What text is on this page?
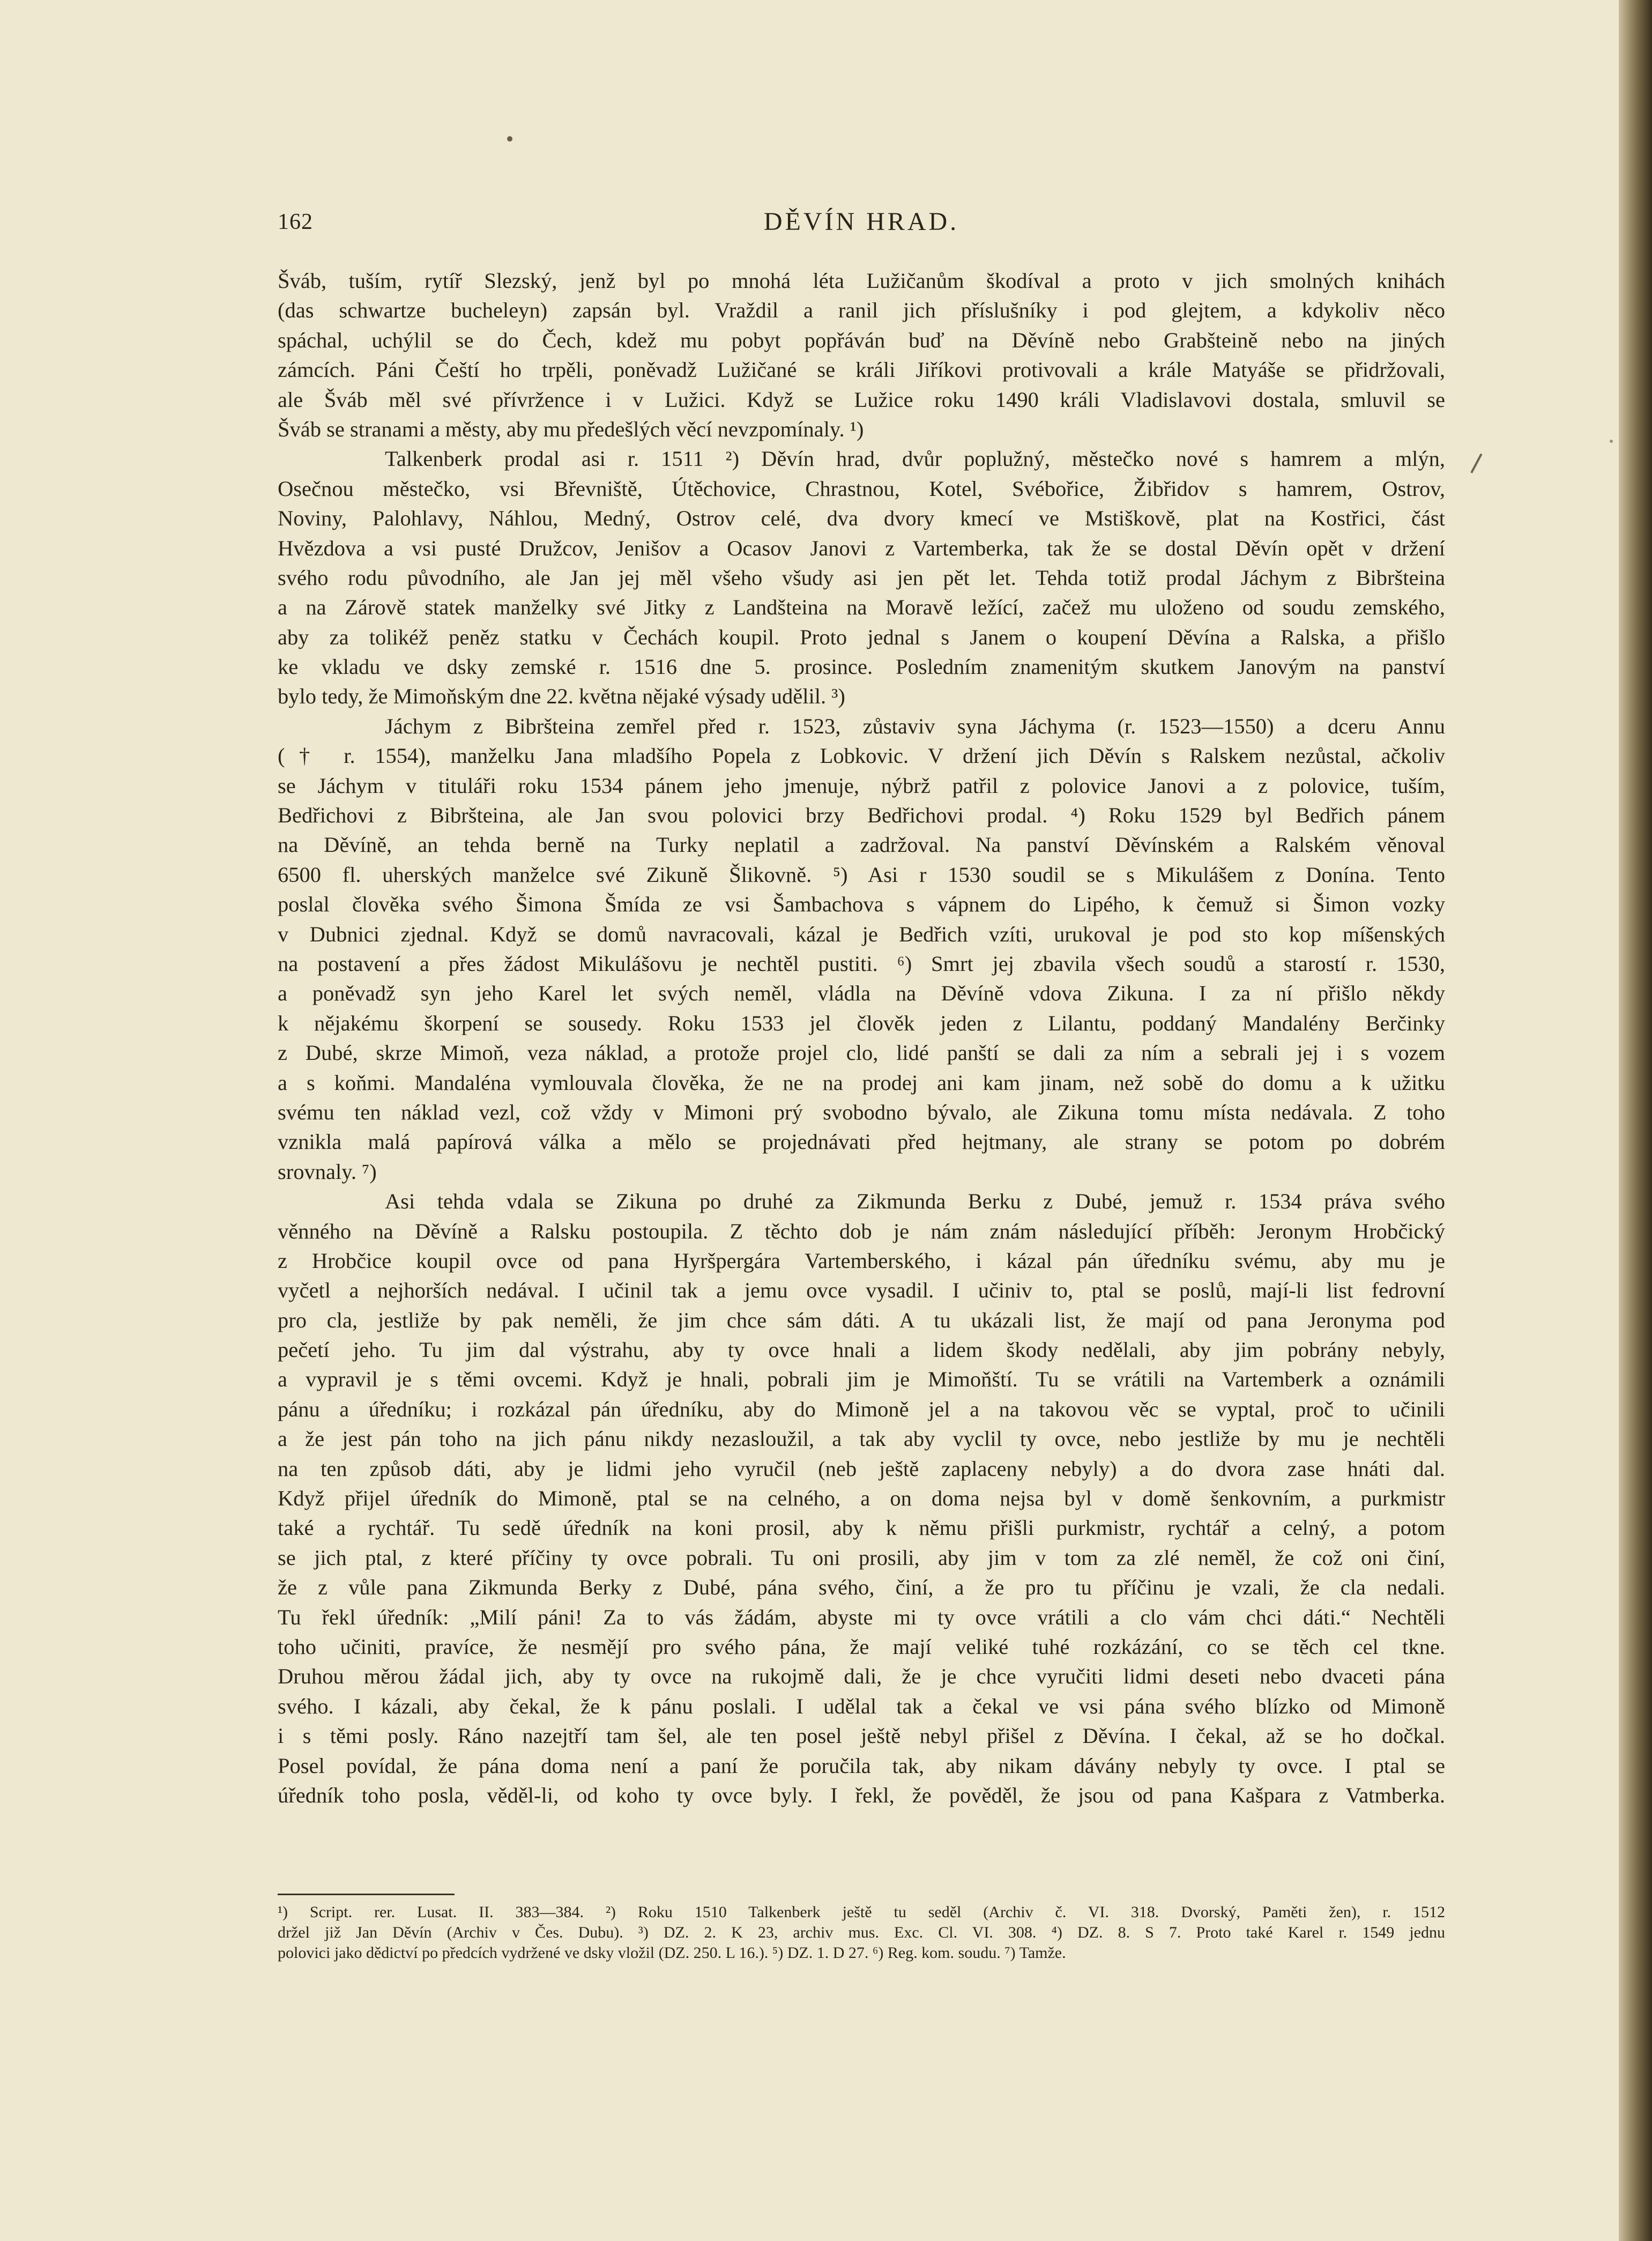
162	DĚVÍN HRAD.
Šváb, tuším, rytíř Slezský, jenž byl po mnohá léta Lužičanům škodíval a proto v jich smolných knihách
(das schwartze bucheleyn) zapsán byl. Vraždil a ranil jich příslušníky i pod glejtem, a kdykoliv něco
spáchal, uchýlil se do Čech, kdež mu pobyt popřáván buď na Děvíně nebo Grabšteině nebo na jiných
zámcích. Páni Čeští ho trpěli, poněvadž Lužičané se králi Jiříkovi protivovali a krále Matyáše se přidržovali,
ale Šváb měl své přívržence i v Lužici. Když se Lužice roku 1490 králi Vladislavovi dostala, smluvil se
Šváb se stranami a městy, aby mu předešlých věcí nevzpomínaly. ¹)
Talkenberk prodal asi r. 1511 ²) Děvín hrad, dvůr poplužný, městečko nové s hamrem a mlýn,
Osečnou městečko, vsi Břevniště, Útěchovice, Chrastnou, Kotel, Svébořice, Žibřidov s hamrem, Ostrov,
Noviny, Palohlavy, Náhlou, Medný, Ostrov celé, dva dvory kmecí ve Mstiškově, plat na Kostřici, část
Hvězdova a vsi pusté Družcov, Jenišov a Ocasov Janovi z Vartemberka, tak že se dostal Děvín opět v držení
svého rodu původního, ale Jan jej měl všeho všudy asi jen pět let. Tehda totiž prodal Jáchym z Bibršteina
a na Zárově statek manželky své Jitky z Landšteina na Moravě ležící, začež mu uloženo od soudu zemského,
aby za tolikéž peněz statku v Čechách koupil. Proto jednal s Janem o koupení Děvína a Ralska, a přišlo
ke vkladu ve dsky zemské r. 1516 dne 5. prosince. Posledním znamenitým skutkem Janovým na panství
bylo tedy, že Mimoňským dne 22. května nějaké výsady udělil. ³)
Jáchym z Bibršteina zemřel před r. 1523, zůstaviv syna Jáchyma (r. 1523—1550) a dceru Annu
(† r. 1554), manželku Jana mladšího Popela z Lobkovic. V držení jich Děvín s Ralskem nezůstal, ačkoliv
se Jáchym v tituláři roku 1534 pánem jeho jmenuje, nýbrž patřil z polovice Janovi a z polovice, tuším,
Bedřichovi z Bibršteina, ale Jan svou polovici brzy Bedřichovi prodal. ⁴) Roku 1529 byl Bedřich pánem
na Děvíně, an tehda berně na Turky neplatil a zadržoval. Na panství Děvínském a Ralském věnoval
6500 fl. uherských manželce své Zikuně Šlikovně. ⁵) Asi r 1530 soudil se s Mikulášem z Donína. Tento
poslal člověka svého Šimona Šmída ze vsi Šambachova s vápnem do Lipého, k čemuž si Šimon vozky
v Dubnici zjednal. Když se domů navracovali, kázal je Bedřich vzíti, urukoval je pod sto kop míšenských
na postavení a přes žádost Mikulášovu je nechtěl pustiti. ⁶) Smrt jej zbavila všech soudů a starostí r. 1530,
a poněvadž syn jeho Karel let svých neměl, vládla na Děvíně vdova Zikuna. I za ní přišlo někdy
k nějakému škorpení se sousedy. Roku 1533 jel člověk jeden z Lilantu, poddaný Mandalény Berčinky
z Dubé, skrze Mimoň, veza náklad, a protože projel clo, lidé panští se dali za ním a sebrali jej i s vozem
a s koňmi. Mandaléna vymlouvala člověka, že ne na prodej ani kam jinam, než sobě do domu a k užitku
svému ten náklad vezl, což vždy v Mimoni prý svobodno bývalo, ale Zikuna tomu místa nedávala. Z toho
vznikla malá papírová válka a mělo se projednávati před hejtmany, ale strany se potom po dobrém
srovnaly. ⁷)
Asi tehda vdala se Zikuna po druhé za Zikmunda Berku z Dubé, jemuž r. 1534 práva svého
věnného na Děvíně a Ralsku postoupila. Z těchto dob je nám znám následující příběh: Jeronym Hrobčický
z Hrobčice koupil ovce od pana Hyršpergára Vartemberského, i kázal pán úředníku svému, aby mu je
vyčetl a nejhorších nedával. I učinil tak a jemu ovce vysadil. I učiniv to, ptal se poslů, mají-li list fedrovní
pro cla, jestliže by pak neměli, že jim chce sám dáti. A tu ukázali list, že mají od pana Jeronyma pod
pečetí jeho. Tu jim dal výstrahu, aby ty ovce hnali a lidem škody nedělali, aby jim pobrány nebyly,
a vypravil je s těmi ovcemi. Když je hnali, pobrali jim je Mimoňští. Tu se vrátili na Vartemberk a oznámili
pánu a úředníku; i rozkázal pán úředníku, aby do Mimoně jel a na takovou věc se vyptal, proč to učinili
a že jest pán toho na jich pánu nikdy nezasloužil, a tak aby vyclil ty ovce, nebo jestliže by mu je nechtěli
na ten způsob dáti, aby je lidmi jeho vyručil (neb ještě zaplaceny nebyly) a do dvora zase hnáti dal.
Když přijel úředník do Mimoně, ptal se na celného, a on doma nejsa byl v domě šenkovním, a purkmistr
také a rychtář. Tu sedě úředník na koni prosil, aby k němu přišli purkmistr, rychtář a celný, a potom
se jich ptal, z které příčiny ty ovce pobrali. Tu oni prosili, aby jim v tom za zlé neměl, že což oni činí,
že z vůle pana Zikmunda Berky z Dubé, pána svého, činí, a že pro tu příčinu je vzali, že cla nedali.
Tu řekl úředník: „Milí páni! Za to vás žádám, abyste mi ty ovce vrátili a clo vám chci dáti.“ Nechtěli
toho učiniti, pravíce, že nesmějí pro svého pána, že mají veliké tuhé rozkázání, co se těch cel tkne.
Druhou měrou žádal jich, aby ty ovce na rukojmě dali, že je chce vyručiti lidmi deseti nebo dvaceti pána
svého. I kázali, aby čekal, že k pánu poslali. I udělal tak a čekal ve vsi pána svého blízko od Mimoně
i s těmi posly. Ráno nazejtří tam šel, ale ten posel ještě nebyl přišel z Děvína. I čekal, až se ho dočkal.
Posel povídal, že pána doma není a paní že poručila tak, aby nikam dávány nebyly ty ovce. I ptal se
úředník toho posla, věděl-li, od koho ty ovce byly. I řekl, že pověděl, že jsou od pana Kašpara z Vatmberka.
¹) Script. rer. Lusat. II. 383—384. ²) Roku 1510 Talkenberk ještě tu seděl (Archiv č. VI. 318. Dvorský, Paměti žen), r. 1512
držel již Jan Děvín (Archiv v Čes. Dubu). ³) DZ. 2. K 23, archiv mus. Exc. Cl. VI. 308. ⁴) DZ. 8. S 7. Proto také Karel r. 1549 jednu
polovici jako dědictví po předcích vydržené ve dsky vložil (DZ. 250. L 16.). ⁵) DZ. 1. D 27. ⁶) Reg. kom. soudu. ⁷) Tamže.
